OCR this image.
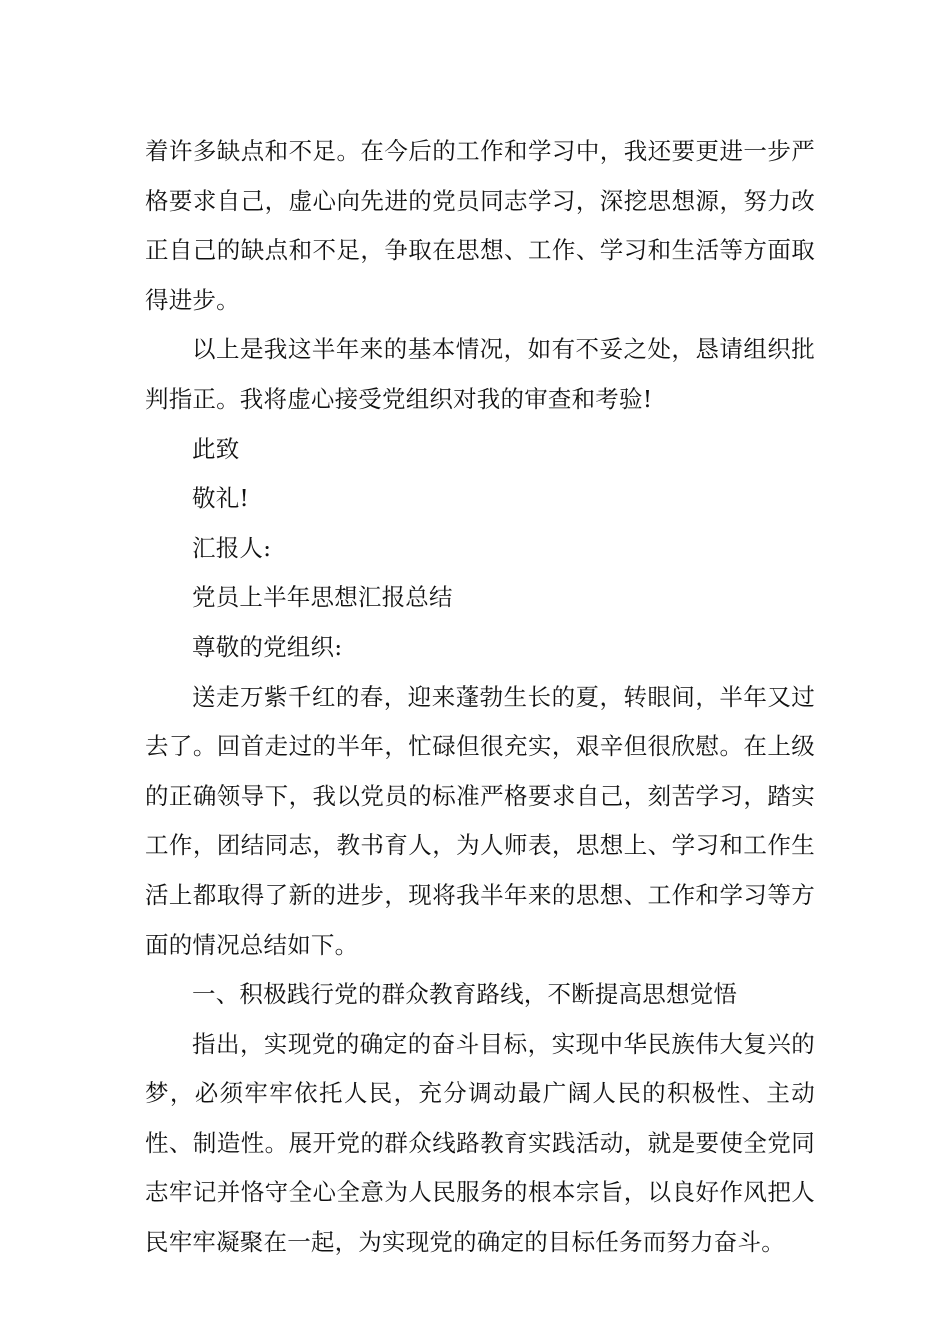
着许多缺点和不足。在今后的工作和学习中，我还要更进一步严格要求自己，虚心向先进的党员同志学习，深挖思想源，努力改正自己的缺点和不足，争取在思想、工作、学习和生活等方面取得进步。

以上是我这半年来的基本情况，如有不妥之处，恳请组织批判指正。我将虚心接受党组织对我的审查和考验!

此致

敬礼!

汇报人:

党员上半年思想汇报总结

尊敬的党组织:

送走万紫千红的春，迎来蓬勃生长的夏，转眼间，半年又过去了。回首走过的半年，忙碌但很充实，艰辛但很欣慰。在上级的正确领导下，我以党员的标准严格要求自己，刻苦学习，踏实工作，团结同志，教书育人，为人师表，思想上、学习和工作生活上都取得了新的进步，现将我半年来的思想、工作和学习等方面的情况总结如下。

一、积极践行党的群众教育路线，不断提高思想觉悟

指出，实现党的确定的奋斗目标，实现中华民族伟大复兴的梦，必须牢牢依托人民，充分调动最广阔人民的积极性、主动性、制造性。展开党的群众线路教育实践活动，就是要使全党同志牢记并恪守全心全意为人民服务的根本宗旨，以良好作风把人民牢牢凝聚在一起，为实现党的确定的目标任务而努力奋斗。
